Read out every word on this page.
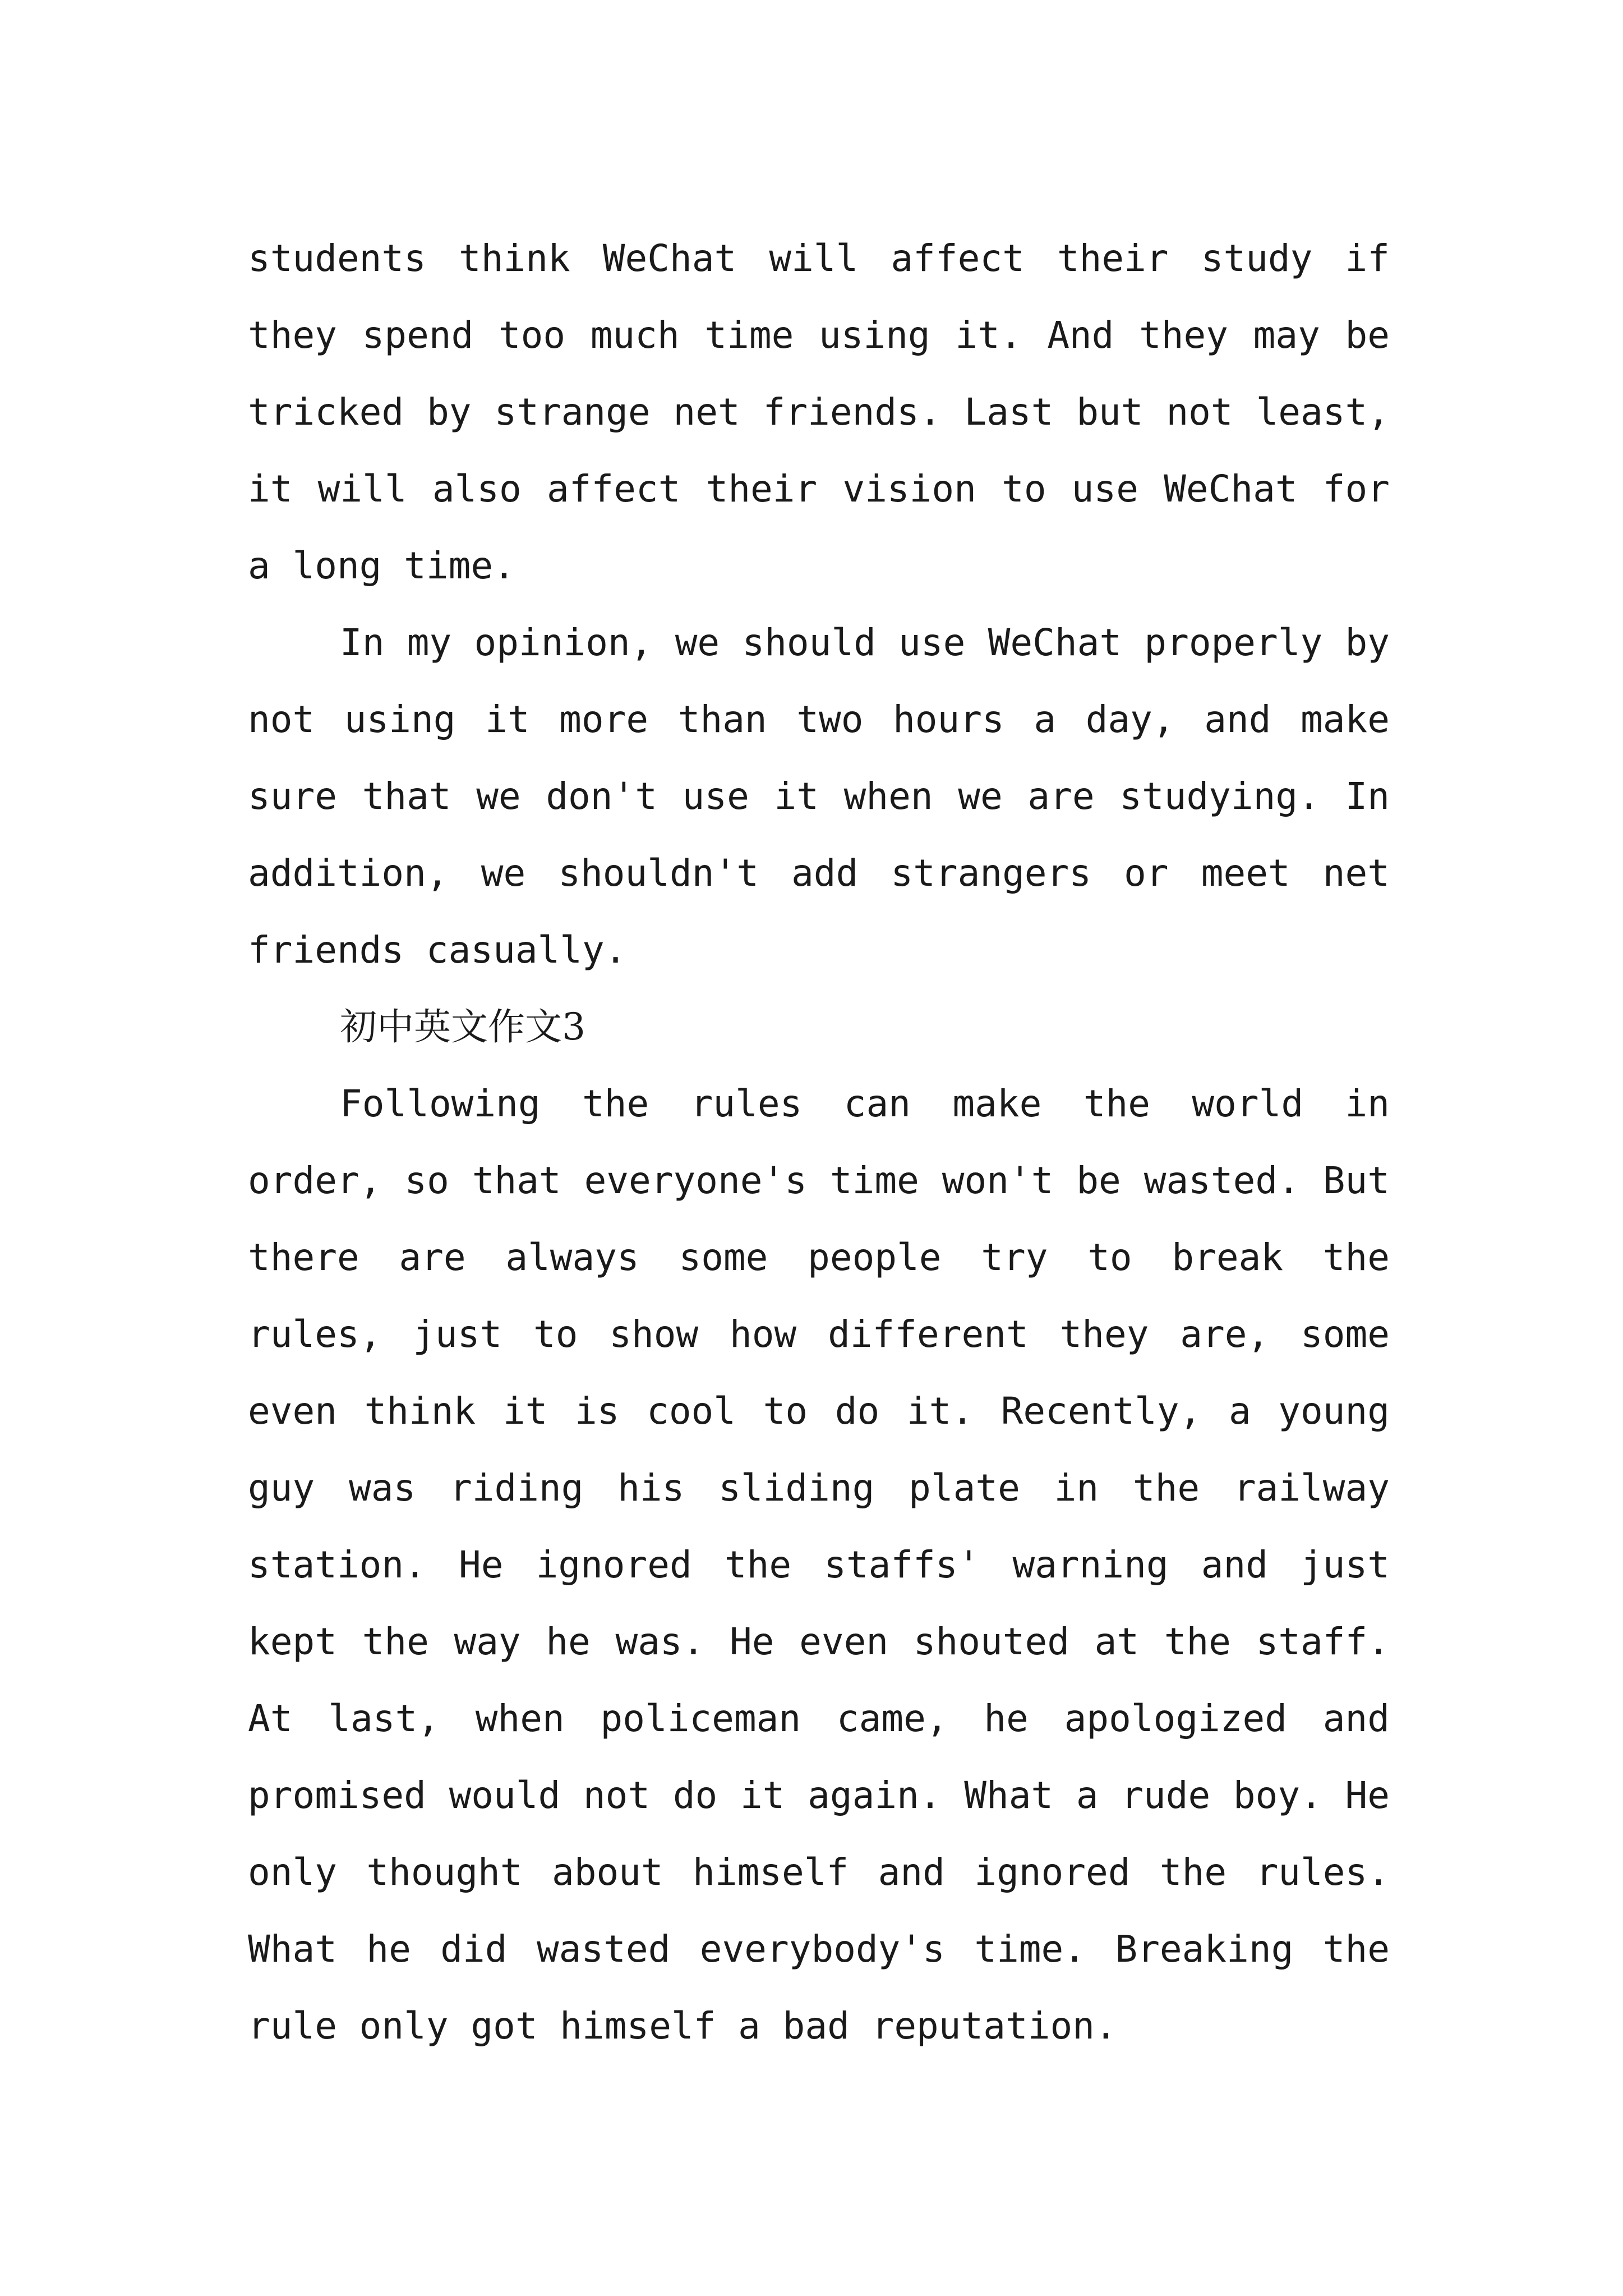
students think WeChat will affect their study if they spend too much time using it. And they may be tricked by strange net friends. Last but not least, it will also affect their vision to use WeChat for a long time.

In my opinion, we should use WeChat properly by not using it more than two hours a day, and make sure that we don't use it when we are studying. In addition, we shouldn't add strangers or meet net friends casually.

初中英文作文3

Following the rules can make the world in order, so that everyone's time won't be wasted. But there are always some people try to break the rules, just to show how different they are, some even think it is cool to do it. Recently, a young guy was riding his sliding plate in the railway station. He ignored the staffs' warning and just kept the way he was. He even shouted at the staff. At last, when policeman came, he apologized and promised would not do it again. What a rude boy. He only thought about himself and ignored the rules. What he did wasted everybody's time. Breaking the rule only got himself a bad reputation.
